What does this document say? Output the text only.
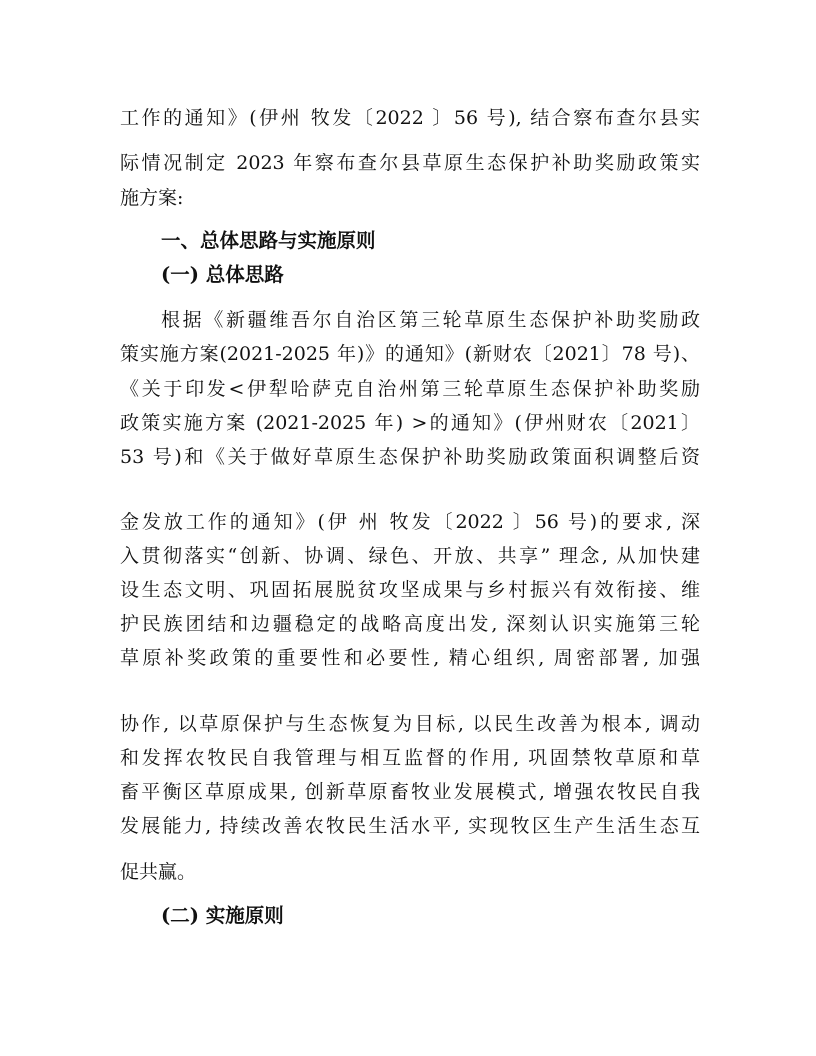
工作的通知》(伊州 牧发〔2022 〕56 号), 结合察布查尔县实
际情况制定 2023 年察布查尔县草原生态保护补助奖励政策实
施方案:
一、总体思路与实施原则
(一) 总体思路
根据《新疆维吾尔自治区第三轮草原生态保护补助奖励政
策实施方案(2021-2025 年)》的通知》(新财农〔2021〕78 号)、
《关于印发<伊犁哈萨克自治州第三轮草原生态保护补助奖励
政策实施方案 (2021-2025 年) >的通知》(伊州财农〔2021〕
53 号)和《关于做好草原生态保护补助奖励政策面积调整后资
金发放工作的通知》(伊 州 牧发〔2022 〕56 号)的要求, 深
入贯彻落实“创新、协调、绿色、开放、共享” 理念, 从加快建
设生态文明、巩固拓展脱贫攻坚成果与乡村振兴有效衔接、维
护民族团结和边疆稳定的战略高度出发, 深刻认识实施第三轮
草原补奖政策的重要性和必要性, 精心组织, 周密部署, 加强
协作, 以草原保护与生态恢复为目标, 以民生改善为根本, 调动
和发挥农牧民自我管理与相互监督的作用, 巩固禁牧草原和草
畜平衡区草原成果, 创新草原畜牧业发展模式, 增强农牧民自我
发展能力, 持续改善农牧民生活水平, 实现牧区生产生活生态互
促共赢。
(二) 实施原则
